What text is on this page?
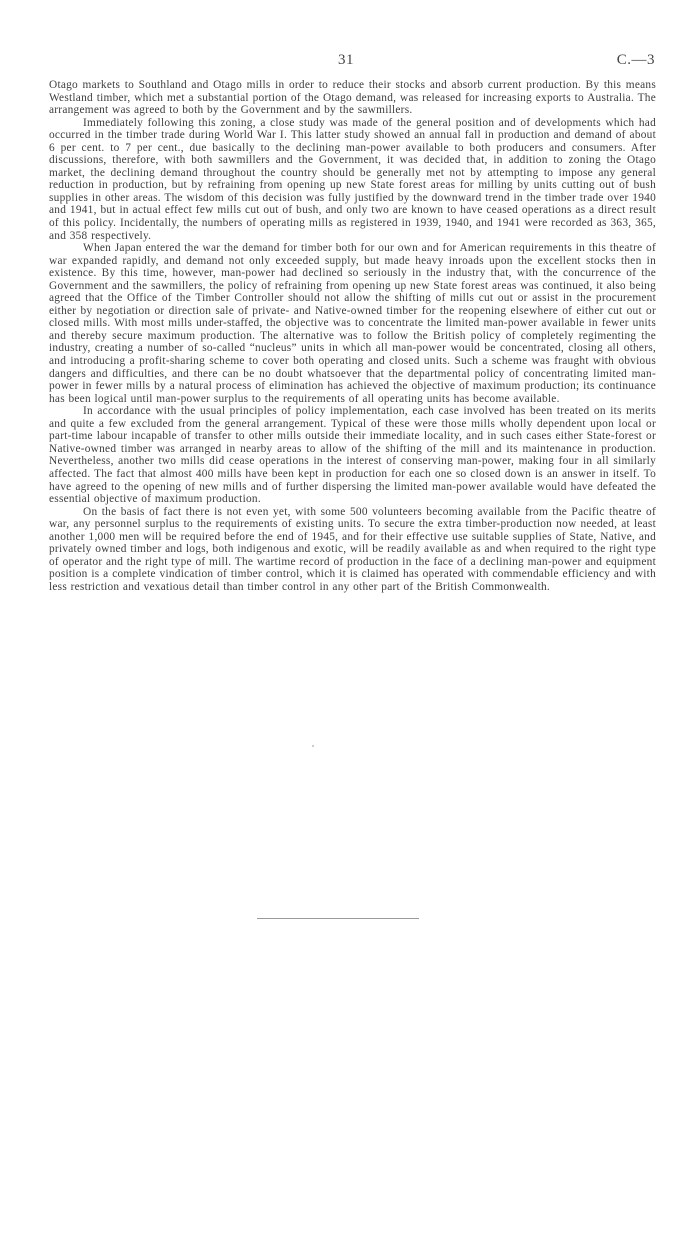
31	C.—3

Otago markets to Southland and Otago mills in order to reduce their stocks and absorb current production. By this means Westland timber, which met a substantial portion of the Otago demand, was released for increasing exports to Australia. The arrangement was agreed to both by the Government and by the sawmillers.

Immediately following this zoning, a close study was made of the general position and of developments which had occurred in the timber trade during World War I. This latter study showed an annual fall in production and demand of about 6 per cent. to 7 per cent., due basically to the declining man-power available to both producers and consumers. After discussions, therefore, with both sawmillers and the Government, it was decided that, in addition to zoning the Otago market, the declining demand throughout the country should be generally met not by attempting to impose any general reduction in production, but by refraining from opening up new State forest areas for milling by units cutting out of bush supplies in other areas. The wisdom of this decision was fully justified by the downward trend in the timber trade over 1940 and 1941, but in actual effect few mills cut out of bush, and only two are known to have ceased operations as a direct result of this policy. Incidentally, the numbers of operating mills as registered in 1939, 1940, and 1941 were recorded as 363, 365, and 358 respectively.

When Japan entered the war the demand for timber both for our own and for American requirements in this theatre of war expanded rapidly, and demand not only exceeded supply, but made heavy inroads upon the excellent stocks then in existence. By this time, however, man-power had declined so seriously in the industry that, with the concurrence of the Government and the sawmillers, the policy of refraining from opening up new State forest areas was continued, it also being agreed that the Office of the Timber Controller should not allow the shifting of mills cut out or assist in the procurement either by negotiation or direction sale of private- and Native-owned timber for the reopening elsewhere of either cut out or closed mills. With most mills under-staffed, the objective was to concentrate the limited man-power available in fewer units and thereby secure maximum production. The alternative was to follow the British policy of completely regimenting the industry, creating a number of so-called “nucleus” units in which all man-power would be concentrated, closing all others, and introducing a profit-sharing scheme to cover both operating and closed units. Such a scheme was fraught with obvious dangers and difficulties, and there can be no doubt whatsoever that the departmental policy of concentrating limited man-power in fewer mills by a natural process of elimination has achieved the objective of maximum production; its continuance has been logical until man-power surplus to the requirements of all operating units has become available.

In accordance with the usual principles of policy implementation, each case involved has been treated on its merits and quite a few excluded from the general arrangement. Typical of these were those mills wholly dependent upon local or part-time labour incapable of transfer to other mills outside their immediate locality, and in such cases either State-forest or Native-owned timber was arranged in nearby areas to allow of the shifting of the mill and its maintenance in production. Nevertheless, another two mills did cease operations in the interest of conserving man-power, making four in all similarly affected. The fact that almost 400 mills have been kept in production for each one so closed down is an answer in itself. To have agreed to the opening of new mills and of further dispersing the limited man-power available would have defeated the essential objective of maximum production.

On the basis of fact there is not even yet, with some 500 volunteers becoming available from the Pacific theatre of war, any personnel surplus to the requirements of existing units. To secure the extra timber-production now needed, at least another 1,000 men will be required before the end of 1945, and for their effective use suitable supplies of State, Native, and privately owned timber and logs, both indigenous and exotic, will be readily available as and when required to the right type of operator and the right type of mill. The wartime record of production in the face of a declining man-power and equipment position is a complete vindication of timber control, which it is claimed has operated with commendable efficiency and with less restriction and vexatious detail than timber control in any other part of the British Commonwealth.
